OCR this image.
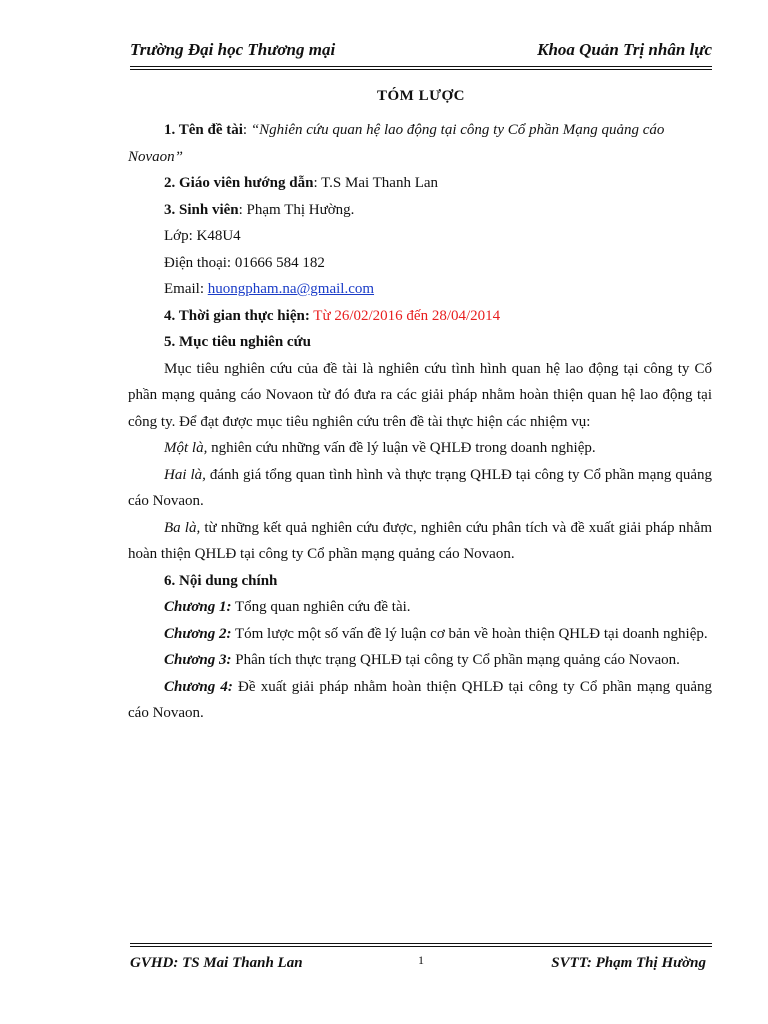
Trường Đại học Thương mại	Khoa Quản Trị nhân lực
TÓM LƯỢC
1. Tên đề tài: “Nghiên cứu quan hệ lao động tại công ty Cổ phần Mạng quảng cáo Novaon”
2. Giáo viên hướng dẫn: T.S Mai Thanh Lan
3. Sinh viên: Phạm Thị Hường.
Lớp: K48U4
Điện thoại: 01666 584 182
Email: huongpham.na@gmail.com
4. Thời gian thực hiện: Từ 26/02/2016 đến 28/04/2014
5. Mục tiêu nghiên cứu
Mục tiêu nghiên cứu của đề tài là nghiên cứu tình hình quan hệ lao động tại công ty Cổ phần mạng quảng cáo Novaon từ đó đưa ra các giải pháp nhằm hoàn thiện quan hệ lao động tại công ty. Để đạt được mục tiêu nghiên cứu trên đề tài thực hiện các nhiệm vụ:
Một là, nghiên cứu những vấn đề lý luận về QHLĐ trong doanh nghiệp.
Hai là, đánh giá tổng quan tình hình và thực trạng QHLĐ tại công ty Cổ phần mạng quảng cáo Novaon.
Ba là, từ những kết quả nghiên cứu được, nghiên cứu phân tích và đề xuất giải pháp nhằm hoàn thiện QHLĐ tại công ty Cổ phần mạng quảng cáo Novaon.
6. Nội dung chính
Chương 1: Tổng quan nghiên cứu đề tài.
Chương 2: Tóm lược một số vấn đề lý luận cơ bản về hoàn thiện QHLĐ tại doanh nghiệp.
Chương 3: Phân tích thực trạng QHLĐ tại công ty Cổ phần mạng quảng cáo Novaon.
Chương 4: Đề xuất giải pháp nhằm hoàn thiện QHLĐ tại công ty Cổ phần mạng quảng cáo Novaon.
GVHD: TS Mai Thanh Lan	1	SVTT: Phạm Thị Hường
